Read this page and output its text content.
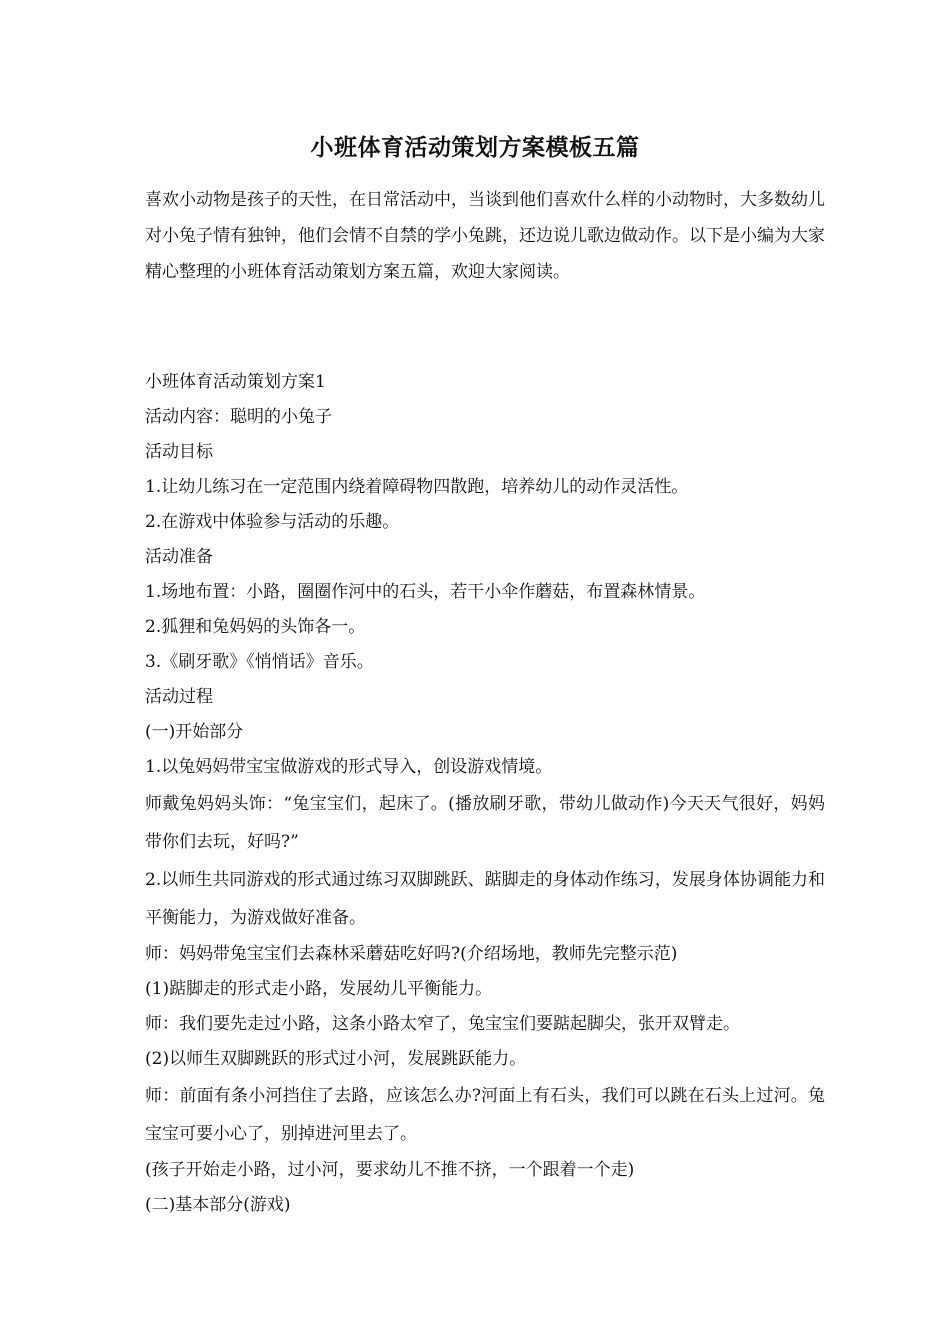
小班体育活动策划方案模板五篇

喜欢小动物是孩子的天性，在日常活动中，当谈到他们喜欢什么样的小动物时，大多数幼儿对小兔子情有独钟，他们会情不自禁的学小兔跳，还边说儿歌边做动作。以下是小编为大家精心整理的小班体育活动策划方案五篇，欢迎大家阅读。

小班体育活动策划方案1
活动内容：聪明的小兔子
活动目标
1.让幼儿练习在一定范围内绕着障碍物四散跑，培养幼儿的动作灵活性。
2.在游戏中体验参与活动的乐趣。
活动准备
1.场地布置：小路，圈圈作河中的石头，若干小伞作蘑菇，布置森林情景。
2.狐狸和兔妈妈的头饰各一。
3.《刷牙歌》《悄悄话》音乐。
活动过程
(一)开始部分
1.以兔妈妈带宝宝做游戏的形式导入，创设游戏情境。
师戴兔妈妈头饰：“兔宝宝们，起床了。(播放刷牙歌，带幼儿做动作)今天天气很好，妈妈带你们去玩，好吗?”
2.以师生共同游戏的形式通过练习双脚跳跃、踮脚走的身体动作练习，发展身体协调能力和平衡能力，为游戏做好准备。
师：妈妈带兔宝宝们去森林采蘑菇吃好吗?(介绍场地，教师先完整示范)
(1)踮脚走的形式走小路，发展幼儿平衡能力。
师：我们要先走过小路，这条小路太窄了，兔宝宝们要踮起脚尖，张开双臂走。
(2)以师生双脚跳跃的形式过小河，发展跳跃能力。
师：前面有条小河挡住了去路，应该怎么办?河面上有石头，我们可以跳在石头上过河。兔宝宝可要小心了，别掉进河里去了。
(孩子开始走小路，过小河，要求幼儿不推不挤，一个跟着一个走)
(二)基本部分(游戏)
